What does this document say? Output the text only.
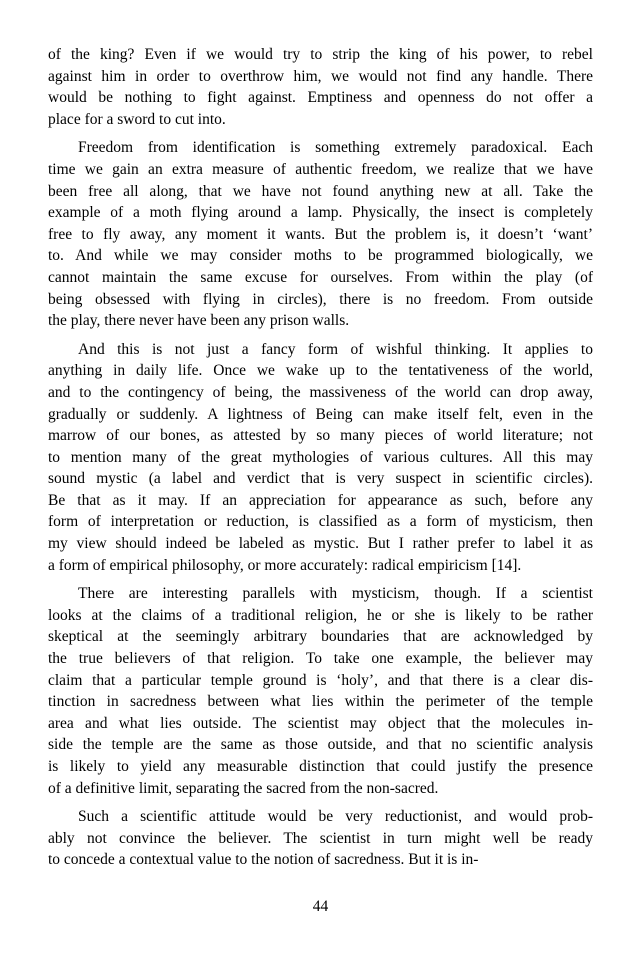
of the king? Even if we would try to strip the king of his power, to rebel
against him in order to overthrow him, we would not find any handle. There
would be nothing to fight against. Emptiness and openness do not offer a
place for a sword to cut into.
Freedom from identification is something extremely paradoxical. Each
time we gain an extra measure of authentic freedom, we realize that we have
been free all along, that we have not found anything new at all. Take the
example of a moth flying around a lamp. Physically, the insect is completely
free to fly away, any moment it wants. But the problem is, it doesn’t ‘want’
to. And while we may consider moths to be programmed biologically, we
cannot maintain the same excuse for ourselves. From within the play (of
being obsessed with flying in circles), there is no freedom. From outside
the play, there never have been any prison walls.
And this is not just a fancy form of wishful thinking. It applies to
anything in daily life. Once we wake up to the tentativeness of the world,
and to the contingency of being, the massiveness of the world can drop away,
gradually or suddenly. A lightness of Being can make itself felt, even in the
marrow of our bones, as attested by so many pieces of world literature; not
to mention many of the great mythologies of various cultures. All this may
sound mystic (a label and verdict that is very suspect in scientific circles).
Be that as it may. If an appreciation for appearance as such, before any
form of interpretation or reduction, is classified as a form of mysticism, then
my view should indeed be labeled as mystic. But I rather prefer to label it as
a form of empirical philosophy, or more accurately: radical empiricism [14].
There are interesting parallels with mysticism, though. If a scientist
looks at the claims of a traditional religion, he or she is likely to be rather
skeptical at the seemingly arbitrary boundaries that are acknowledged by
the true believers of that religion. To take one example, the believer may
claim that a particular temple ground is ‘holy’, and that there is a clear dis-
tinction in sacredness between what lies within the perimeter of the temple
area and what lies outside. The scientist may object that the molecules in-
side the temple are the same as those outside, and that no scientific analysis
is likely to yield any measurable distinction that could justify the presence
of a definitive limit, separating the sacred from the non-sacred.
Such a scientific attitude would be very reductionist, and would prob-
ably not convince the believer. The scientist in turn might well be ready
to concede a contextual value to the notion of sacredness. But it is in-
44
